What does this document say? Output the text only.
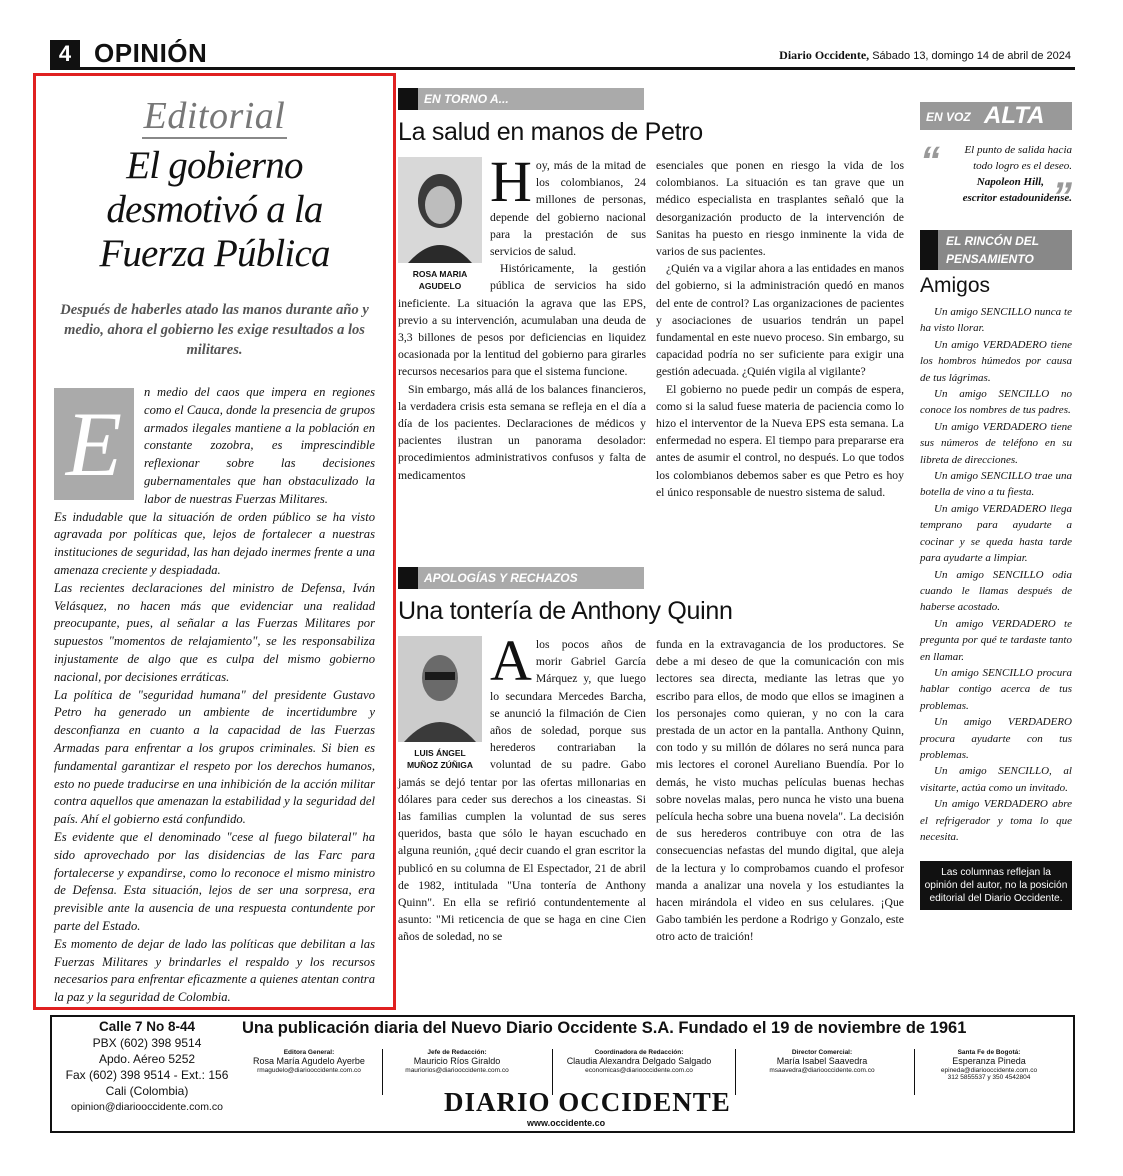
4 OPINIÓN	Diario Occidente, Sábado 13, domingo 14 de abril de 2024
Editorial
El gobierno desmotivó a la Fuerza Pública
Después de haberles atado las manos durante año y medio, ahora el gobierno les exige resultados a los militares.
E

n medio del caos que impera en regiones como el Cauca, donde la presencia de grupos armados ilegales mantiene a la población en constante zozobra, es imprescindible reflexionar sobre las decisiones gubernamentales que han obstaculizado la labor de nuestras Fuerzas Militares.

Es indudable que la situación de orden público se ha visto agravada por políticas que, lejos de fortalecer a nuestras instituciones de seguridad, las han dejado inermes frente a una amenaza creciente y despiadada.

Las recientes declaraciones del ministro de Defensa, Iván Velásquez, no hacen más que evidenciar una realidad preocupante, pues, al señalar a las Fuerzas Militares por supuestos "momentos de relajamiento", se les responsabiliza injustamente de algo que es culpa del mismo gobierno nacional, por decisiones erráticas.

La política de "seguridad humana" del presidente Gustavo Petro ha generado un ambiente de incertidumbre y desconfianza en cuanto a la capacidad de las Fuerzas Armadas para enfrentar a los grupos criminales. Si bien es fundamental garantizar el respeto por los derechos humanos, esto no puede traducirse en una inhibición de la acción militar contra aquellos que amenazan la estabilidad y la seguridad del país. Ahí el gobierno está confundido.

Es evidente que el denominado "cese al fuego bilateral" ha sido aprovechado por las disidencias de las Farc para fortalecerse y expandirse, como lo reconoce el mismo ministro de Defensa. Esta situación, lejos de ser una sorpresa, era previsible ante la ausencia de una respuesta contundente por parte del Estado.

Es momento de dejar de lado las políticas que debilitan a las Fuerzas Militares y brindarles el respaldo y los recursos necesarios para enfrentar eficazmente a quienes atentan contra la paz y la seguridad de Colombia.

EN TORNO A...
La salud en manos de Petro
ROSA MARIA AGUDELO
H oy, más de la mitad de los colombianos, 24 millones de personas, depende del gobierno nacional para la prestación de sus servicios de salud.

Históricamente, la gestión pública de servicios ha sido ineficiente. La situación la agrava que las EPS, previo a su intervención, acumulaban una deuda de 3,3 billones de pesos por deficiencias en liquidez ocasionada por la lentitud del gobierno para girarles recursos necesarios para que el sistema funcione.

Sin embargo, más allá de los balances financieros, la verdadera crisis esta semana se refleja en el día a día de los pacientes. Declaraciones de médicos y pacientes ilustran un panorama desolador: procedimientos administrativos confusos y falta de medicamentos

esenciales que ponen en riesgo la vida de los colombianos. La situación es tan grave que un médico especialista en trasplantes señaló que la desorganización producto de la intervención de Sanitas ha puesto en riesgo inminente la vida de varios de sus pacientes.

¿Quién va a vigilar ahora a las entidades en manos del gobierno, si la administración quedó en manos del ente de control? Las organizaciones de pacientes y asociaciones de usuarios tendrán un papel fundamental en este nuevo proceso. Sin embargo, su capacidad podría no ser suficiente para exigir una gestión adecuada. ¿Quién vigila al vigilante?

El gobierno no puede pedir un compás de espera, como si la salud fuese materia de paciencia como lo hizo el interventor de la Nueva EPS esta semana. La enfermedad no espera. El tiempo para prepararse era antes de asumir el control, no después. Lo que todos los colombianos debemos saber es que Petro es hoy el único responsable de nuestro sistema de salud.

APOLOGÍAS Y RECHAZOS
Una tontería de Anthony Quinn
LUIS ÁNGEL MUÑOZ ZÚÑIGA
A los pocos años de morir Gabriel García Márquez y, que luego lo secundara Mercedes Barcha, se anunció la filmación de Cien años de soledad, porque sus herederos contrariaban la voluntad de su padre. Gabo jamás se dejó tentar por las ofertas millonarias en dólares para ceder sus derechos a los cineastas. Si las familias cumplen la voluntad de sus seres queridos, basta que sólo le hayan escuchado en alguna reunión, ¿qué decir cuando el gran escritor la publicó en su columna de El Espectador, 21 de abril de 1982, intitulada "Una tontería de Anthony Quinn". En ella se refirió contundentemente al asunto: "Mi reticencia de que se haga en cine Cien años de soledad, no se

funda en la extravagancia de los productores. Se debe a mi deseo de que la comunicación con mis lectores sea directa, mediante las letras que yo escribo para ellos, de modo que ellos se imaginen a los personajes como quieran, y no con la cara prestada de un actor en la pantalla. Anthony Quinn, con todo y su millón de dólares no será nunca para mis lectores el coronel Aureliano Buendía. Por lo demás, he visto muchas películas buenas hechas sobre novelas malas, pero nunca he visto una buena película hecha sobre una buena novela". La decisión de sus herederos contribuye con otra de las consecuencias nefastas del mundo digital, que aleja de la lectura y lo comprobamos cuando el profesor manda a analizar una novela y los estudiantes la hacen mirándola el video en sus celulares. ¡Que Gabo también les perdone a Rodrigo y Gonzalo, este otro acto de traición!

EN VOZ ALTA
“	El punto de salida hacia todo logro es el deseo.
Napoleon Hill,
escritor estadounidense.
”
EL RINCÓN DEL PENSAMIENTO
Amigos

Un amigo SENCILLO nunca te ha visto llorar.

Un amigo VERDADERO tiene los hombros húmedos por causa de tus lágrimas.

Un amigo SENCILLO no conoce los nombres de tus padres.

Un amigo VERDADERO tiene sus números de teléfono en su libreta de direcciones.

Un amigo SENCILLO trae una botella de vino a tu fiesta.

Un amigo VERDADERO llega temprano para ayudarte a cocinar y se queda hasta tarde para ayudarte a limpiar.

Un amigo SENCILLO odia cuando le llamas después de haberse acostado.

Un amigo VERDADERO te pregunta por qué te tardaste tanto en llamar.

Un amigo SENCILLO procura hablar contigo acerca de tus problemas.

Un amigo VERDADERO procura ayudarte con tus problemas.

Un amigo SENCILLO, al visitarte, actúa como un invitado.

Un amigo VERDADERO abre el refrigerador y toma lo que necesita.

Las columnas reflejan la opinión del autor, no la posición editorial del Diario Occidente.
Calle 7 No 8-44
PBX (602) 398 9514
Apdo. Aéreo 5252
Fax (602) 398 9514 - Ext.: 156
Cali (Colombia)
opinion@diariooccidente.com.co
Una publicación diaria del Nuevo Diario Occidente S.A. Fundado el 19 de noviembre de 1961
Editora General:
Rosa María Agudelo Ayerbe
rmagudelo@diariooccidente.com.co
Jefe de Redacción:
Mauricio Ríos Giraldo
mauriorios@diariooccidente.com.co
Coordinadora de Redacción:
Claudia Alexandra Delgado Salgado
economicas@diariooccidente.com.co
Director Comercial:
María Isabel Saavedra
msaavedra@diariooccidente.com.co
Santa Fe de Bogotá:
Esperanza Pineda
epineda@diariooccidente.com.co
312 5855537 y 350 4542804
DIARIO OCCIDENTE
www.occidente.co
